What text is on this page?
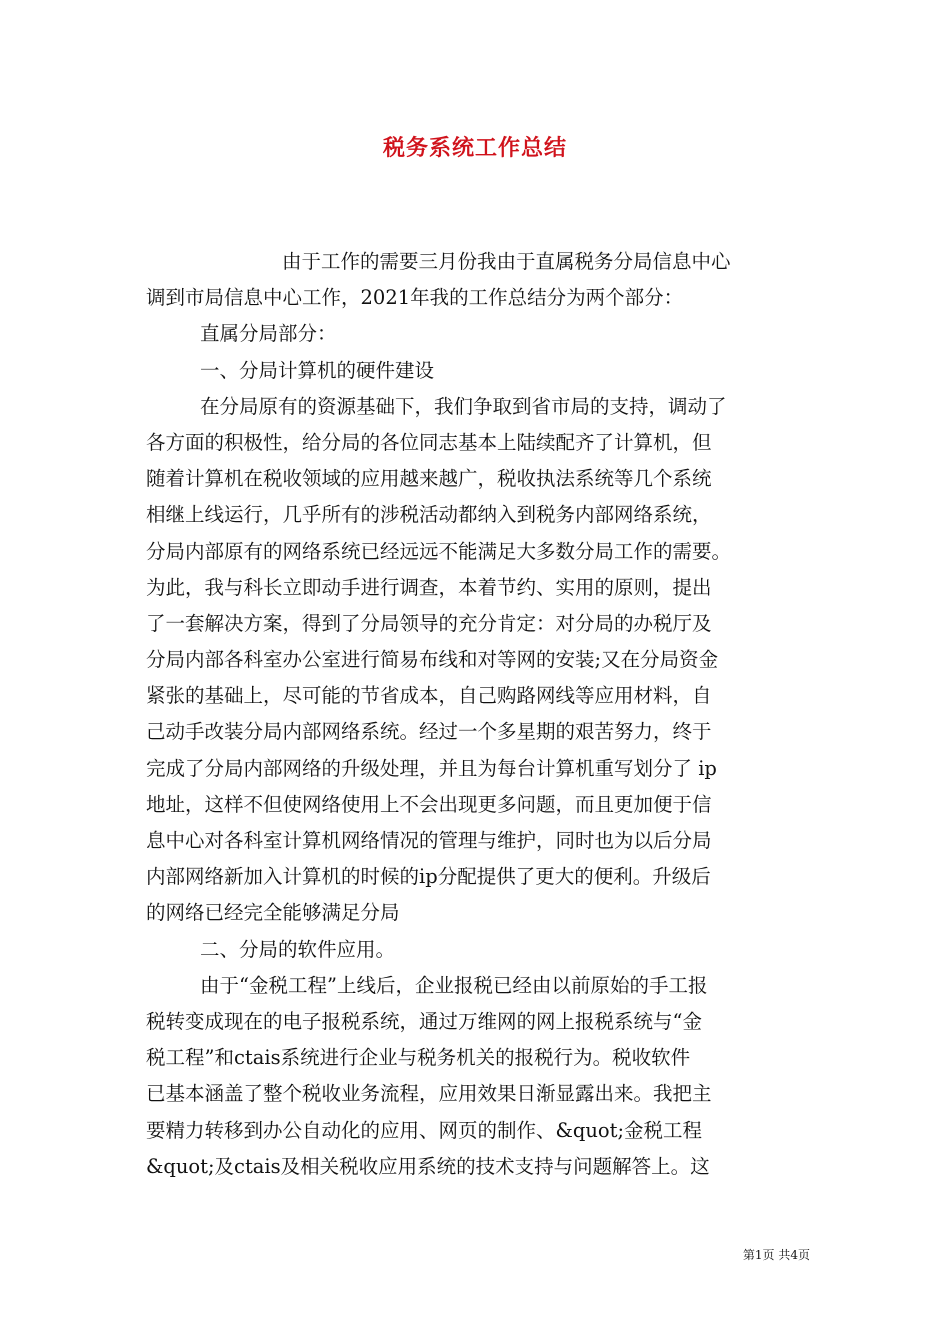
税务系统工作总结
由于工作的需要三月份我由于直属税务分局信息中心
调到市局信息中心工作，2021年我的工作总结分为两个部分：
直属分局部分：
一、分局计算机的硬件建设
在分局原有的资源基础下，我们争取到省市局的支持，调动了
各方面的积极性，给分局的各位同志基本上陆续配齐了计算机，但
随着计算机在税收领域的应用越来越广，税收执法系统等几个系统
相继上线运行，几乎所有的涉税活动都纳入到税务内部网络系统，
分局内部原有的网络系统已经远远不能满足大多数分局工作的需要。
为此，我与科长立即动手进行调查，本着节约、实用的原则，提出
了一套解决方案，得到了分局领导的充分肯定：对分局的办税厅及
分局内部各科室办公室进行简易布线和对等网的安装;又在分局资金
紧张的基础上，尽可能的节省成本，自己购路网线等应用材料，自
己动手改装分局内部网络系统。经过一个多星期的艰苦努力，终于
完成了分局内部网络的升级处理，并且为每台计算机重写划分了 ip
地址，这样不但使网络使用上不会出现更多问题，而且更加便于信
息中心对各科室计算机网络情况的管理与维护，同时也为以后分局
内部网络新加入计算机的时候的ip分配提供了更大的便利。升级后
的网络已经完全能够满足分局
二、分局的软件应用。
由于“金税工程”上线后，企业报税已经由以前原始的手工报
税转变成现在的电子报税系统，通过万维网的网上报税系统与“金
税工程”和ctais系统进行企业与税务机关的报税行为。税收软件
已基本涵盖了整个税收业务流程，应用效果日渐显露出来。我把主
要精力转移到办公自动化的应用、网页的制作、&quot;金税工程
&quot;及ctais及相关税收应用系统的技术支持与问题解答上。这
第1页 共4页
